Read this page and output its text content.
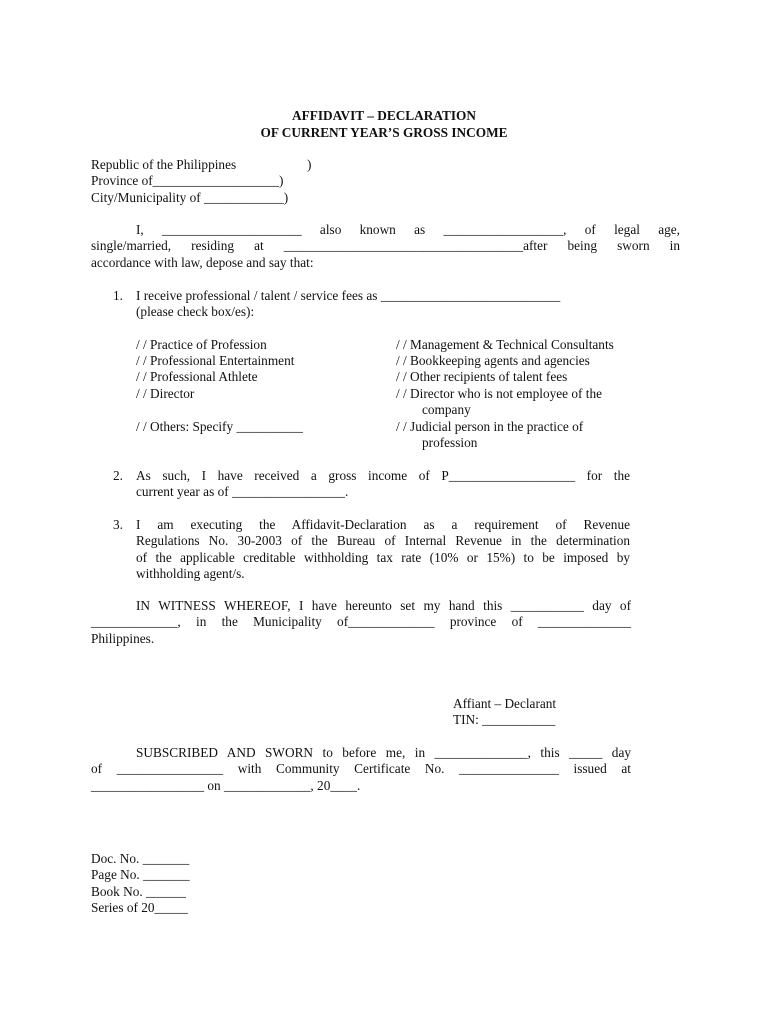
AFFIDAVIT – DECLARATION
OF CURRENT YEAR’S GROSS INCOME
Republic of the Philippines	)
Province of___________________)
City/Municipality of ____________)
I, _____________________ also known as __________________, of legal age,
single/married, residing at ____________________________________after being sworn in
accordance with law, depose and say that:
1. I receive professional / talent / service fees as ___________________________
(please check box/es):
/ / Practice of Profession
/ / Professional Entertainment
/ / Professional Athlete
/ / Director
/ / Others: Specify __________
/ / Management & Technical Consultants
/ / Bookkeeping agents and agencies
/ / Other recipients of talent fees
/ / Director who is not employee of the
company
/ / Judicial person in the practice of
profession
2. As such, I have received a gross income of P___________________ for the
current year as of _________________.
3. I am executing the Affidavit-Declaration as a requirement of Revenue
Regulations No. 30-2003 of the Bureau of Internal Revenue in the determination
of the applicable creditable withholding tax rate (10% or 15%) to be imposed by
withholding agent/s.
IN WITNESS WHEREOF, I have hereunto set my hand this ___________ day of
_____________, in the Municipality of_____________ province of ______________
Philippines.
Affiant – Declarant
TIN: ___________
SUBSCRIBED AND SWORN to before me, in ______________, this _____ day
of ________________ with Community Certificate No. _______________ issued at
_________________ on _____________, 20____.
Doc. No. _______
Page No. _______
Book No. ______
Series of 20_____
